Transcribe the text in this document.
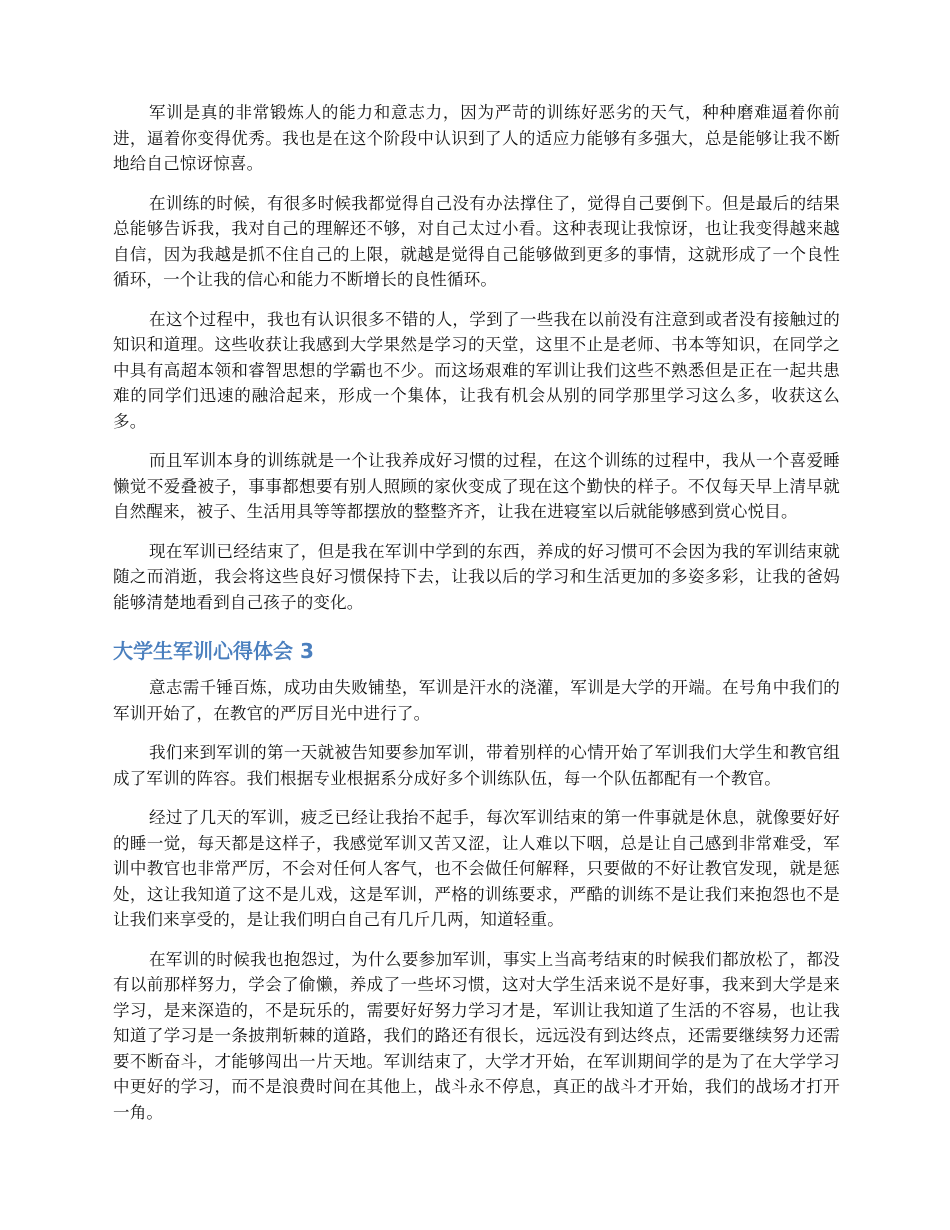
军训是真的非常锻炼人的能力和意志力，因为严苛的训练好恶劣的天气，种种磨难逼着你前进，逼着你变得优秀。我也是在这个阶段中认识到了人的适应力能够有多强大，总是能够让我不断地给自己惊讶惊喜。

在训练的时候，有很多时候我都觉得自己没有办法撑住了，觉得自己要倒下。但是最后的结果总能够告诉我，我对自己的理解还不够，对自己太过小看。这种表现让我惊讶，也让我变得越来越自信，因为我越是抓不住自己的上限，就越是觉得自己能够做到更多的事情，这就形成了一个良性循环，一个让我的信心和能力不断增长的良性循环。

在这个过程中，我也有认识很多不错的人，学到了一些我在以前没有注意到或者没有接触过的知识和道理。这些收获让我感到大学果然是学习的天堂，这里不止是老师、书本等知识，在同学之中具有高超本领和睿智思想的学霸也不少。而这场艰难的军训让我们这些不熟悉但是正在一起共患难的同学们迅速的融洽起来，形成一个集体，让我有机会从别的同学那里学习这么多，收获这么多。

而且军训本身的训练就是一个让我养成好习惯的过程，在这个训练的过程中，我从一个喜爱睡懒觉不爱叠被子，事事都想要有别人照顾的家伙变成了现在这个勤快的样子。不仅每天早上清早就自然醒来，被子、生活用具等等都摆放的整整齐齐，让我在进寝室以后就能够感到赏心悦目。

现在军训已经结束了，但是我在军训中学到的东西，养成的好习惯可不会因为我的军训结束就随之而消逝，我会将这些良好习惯保持下去，让我以后的学习和生活更加的多姿多彩，让我的爸妈能够清楚地看到自己孩子的变化。

大学生军训心得体会 3

意志需千锤百炼，成功由失败铺垫，军训是汗水的浇灌，军训是大学的开端。在号角中我们的军训开始了，在教官的严厉目光中进行了。

我们来到军训的第一天就被告知要参加军训，带着别样的心情开始了军训我们大学生和教官组成了军训的阵容。我们根据专业根据系分成好多个训练队伍，每一个队伍都配有一个教官。

经过了几天的军训，疲乏已经让我抬不起手，每次军训结束的第一件事就是休息，就像要好好的睡一觉，每天都是这样子，我感觉军训又苦又涩，让人难以下咽，总是让自己感到非常难受，军训中教官也非常严厉，不会对任何人客气，也不会做任何解释，只要做的不好让教官发现，就是惩处，这让我知道了这不是儿戏，这是军训，严格的训练要求，严酷的训练不是让我们来抱怨也不是让我们来享受的，是让我们明白自己有几斤几两，知道轻重。

在军训的时候我也抱怨过，为什么要参加军训，事实上当高考结束的时候我们都放松了，都没有以前那样努力，学会了偷懒，养成了一些坏习惯，这对大学生活来说不是好事，我来到大学是来学习，是来深造的，不是玩乐的，需要好好努力学习才是，军训让我知道了生活的不容易，也让我知道了学习是一条披荆斩棘的道路，我们的路还有很长，远远没有到达终点，还需要继续努力还需要不断奋斗，才能够闯出一片天地。军训结束了，大学才开始，在军训期间学的是为了在大学学习中更好的学习，而不是浪费时间在其他上，战斗永不停息，真正的战斗才开始，我们的战场才打开一角。
